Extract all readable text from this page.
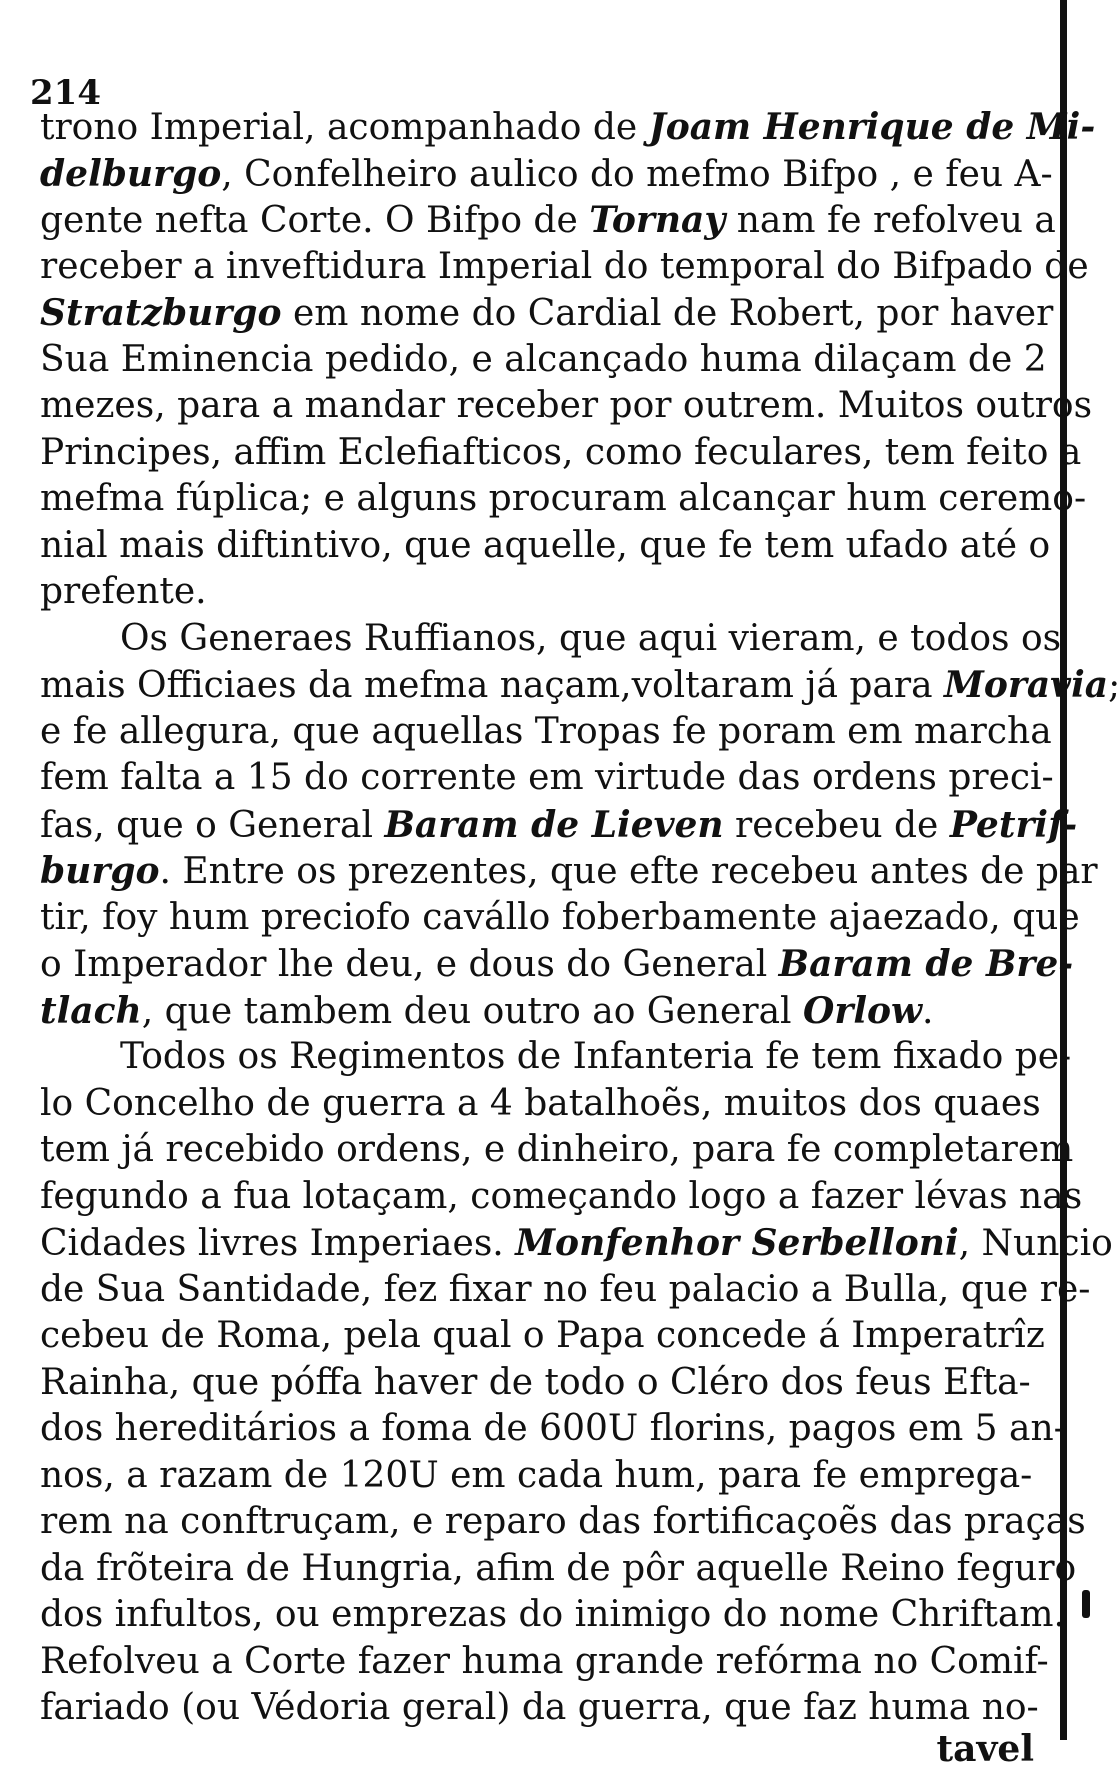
214
trono Imperial, acompanhado de Joam Henrique de Mi-
delburgo, Confelheiro aulico do mefmo Bifpo , e feu A-
gente nefta Corte. O Bifpo de Tornay nam fe refolveu a
receber a inveftidura Imperial do temporal do Bifpado de
Stratzburgo em nome do Cardial de Robert, por haver
Sua Eminencia pedido, e alcançado huma dilaçam de 2
mezes, para a mandar receber por outrem. Muitos outros
Principes, affim Eclefiafticos, como feculares, tem feito a
mefma fúplica; e alguns procuram alcançar hum ceremo-
nial mais diftintivo, que aquelle, que fe tem ufado até o
prefente.
Os Generaes Ruffianos, que aqui vieram, e todos os
mais Officiaes da mefma naçam,voltaram já para Moravia;
e fe allegura, que aquellas Tropas fe poram em marcha
fem falta a 15 do corrente em virtude das ordens preci-
fas, que o General Baram de Lieven recebeu de Petrif-
burgo. Entre os prezentes, que efte recebeu antes de par
tir, foy hum preciofo cavállo foberbamente ajaezado, que
o Imperador lhe deu, e dous do General Baram de Bre-
tlach, que tambem deu outro ao General Orlow.
Todos os Regimentos de Infanteria fe tem fixado pe-
lo Concelho de guerra a 4 batalhoẽs, muitos dos quaes
tem já recebido ordens, e dinheiro, para fe completarem
fegundo a fua lotaçam, começando logo a fazer lévas nas
Cidades livres Imperiaes. Monfenhor Serbelloni, Nuncio
de Sua Santidade, fez fixar no feu palacio a Bulla, que re-
cebeu de Roma, pela qual o Papa concede á Imperatrîz
Rainha, que póffa haver de todo o Cléro dos feus Efta-
dos hereditários a foma de 600U florins, pagos em 5 an-
nos, a razam de 120U em cada hum, para fe emprega-
rem na conftruçam, e reparo das fortificaçoẽs das praças
da frõteira de Hungria, afim de pôr aquelle Reino feguro
dos infultos, ou emprezas do inimigo do nome Chriftam.
Refolveu a Corte fazer huma grande refórma no Comif-
fariado (ou Védoria geral) da guerra, que faz huma no-
tavel
